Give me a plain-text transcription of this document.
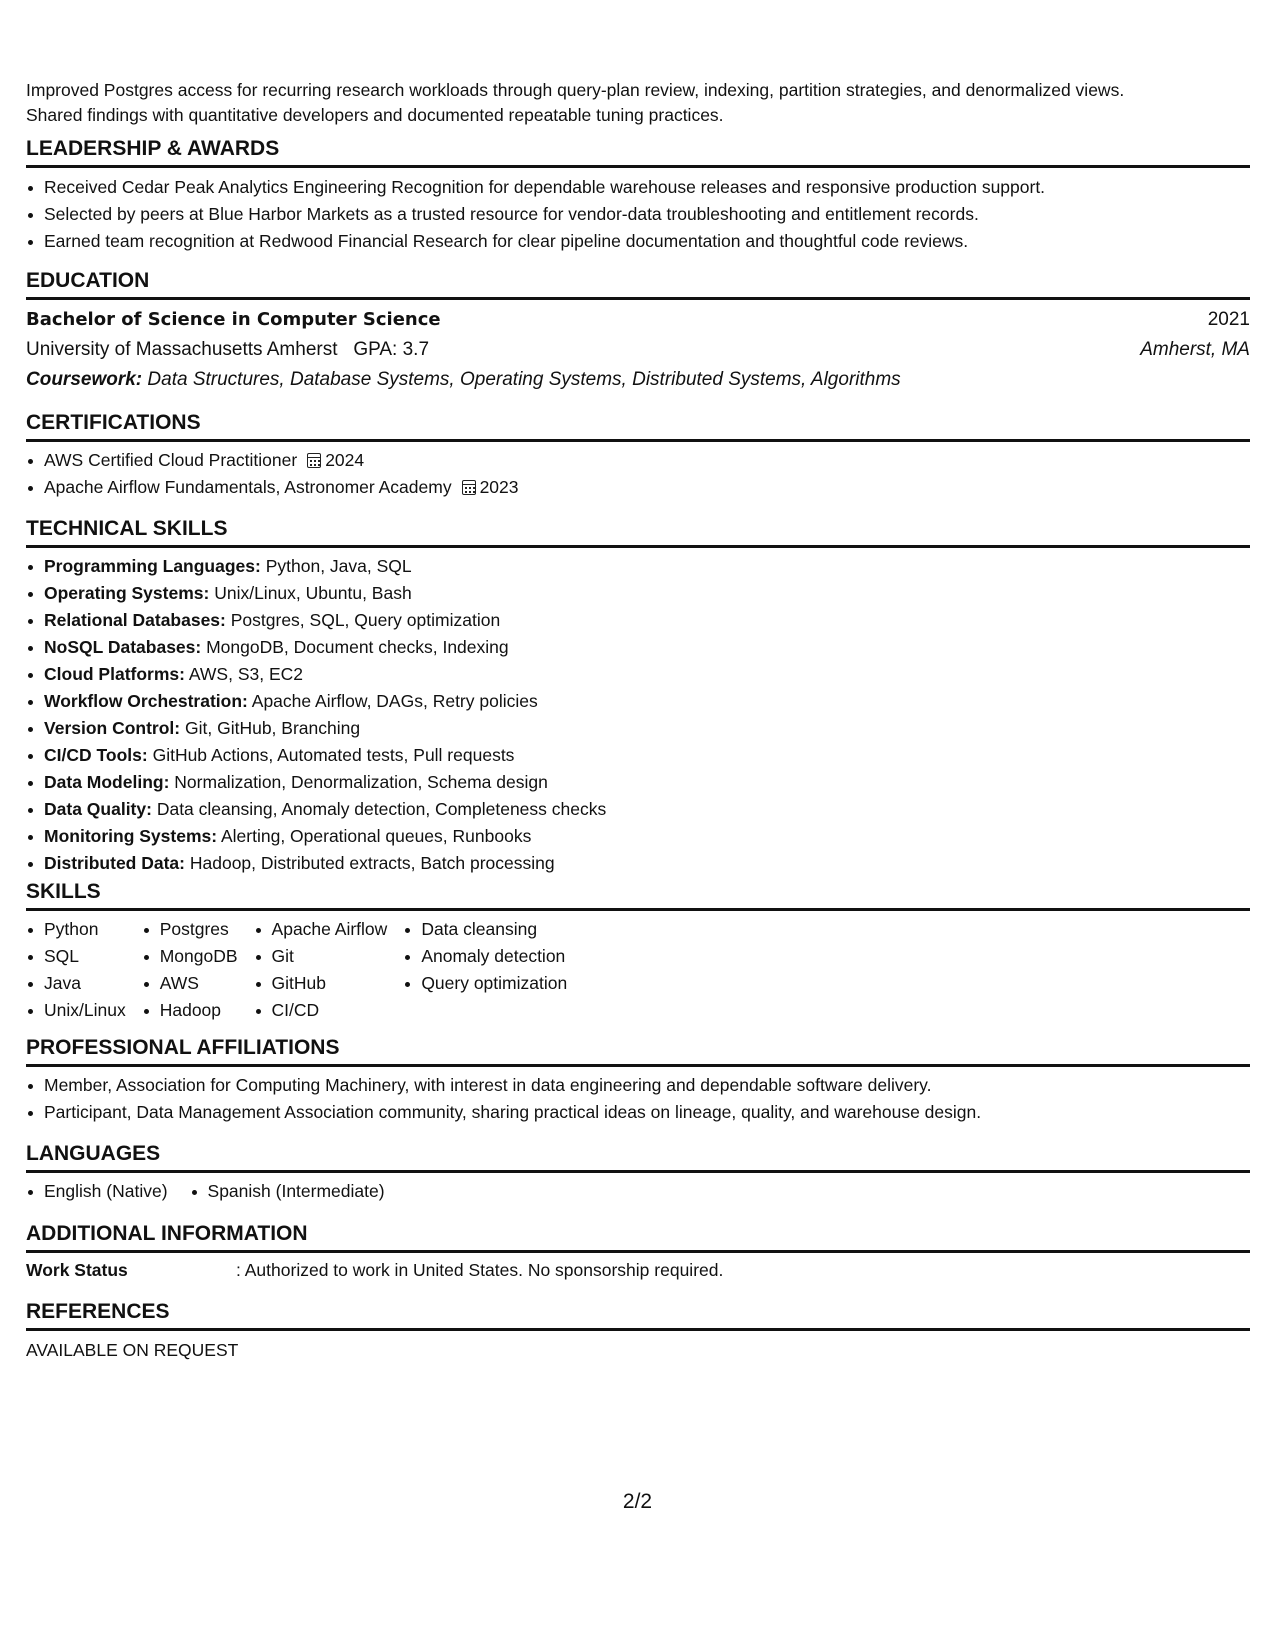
Improved Postgres access for recurring research workloads through query-plan review, indexing, partition strategies, and denormalized views.
Shared findings with quantitative developers and documented repeatable tuning practices.
LEADERSHIP & AWARDS
Received Cedar Peak Analytics Engineering Recognition for dependable warehouse releases and responsive production support.
Selected by peers at Blue Harbor Markets as a trusted resource for vendor-data troubleshooting and entitlement records.
Earned team recognition at Redwood Financial Research for clear pipeline documentation and thoughtful code reviews.
EDUCATION
Bachelor of Science in Computer Science	2021
University of Massachusetts Amherst GPA: 3.7	Amherst, MA
Coursework: Data Structures, Database Systems, Operating Systems, Distributed Systems, Algorithms
CERTIFICATIONS
AWS Certified Cloud Practitioner 2024
Apache Airflow Fundamentals, Astronomer Academy 2023
TECHNICAL SKILLS
Programming Languages: Python, Java, SQL
Operating Systems: Unix/Linux, Ubuntu, Bash
Relational Databases: Postgres, SQL, Query optimization
NoSQL Databases: MongoDB, Document checks, Indexing
Cloud Platforms: AWS, S3, EC2
Workflow Orchestration: Apache Airflow, DAGs, Retry policies
Version Control: Git, GitHub, Branching
CI/CD Tools: GitHub Actions, Automated tests, Pull requests
Data Modeling: Normalization, Denormalization, Schema design
Data Quality: Data cleansing, Anomaly detection, Completeness checks
Monitoring Systems: Alerting, Operational queues, Runbooks
Distributed Data: Hadoop, Distributed extracts, Batch processing
SKILLS
Python
SQL
Java
Unix/Linux
Postgres
MongoDB
AWS
Hadoop
Apache Airflow
Git
GitHub
CI/CD
Data cleansing
Anomaly detection
Query optimization
PROFESSIONAL AFFILIATIONS
Member, Association for Computing Machinery, with interest in data engineering and dependable software delivery.
Participant, Data Management Association community, sharing practical ideas on lineage, quality, and warehouse design.
LANGUAGES
English (Native) Spanish (Intermediate)
ADDITIONAL INFORMATION
Work Status	: Authorized to work in United States. No sponsorship required.
REFERENCES
AVAILABLE ON REQUEST
2/2
